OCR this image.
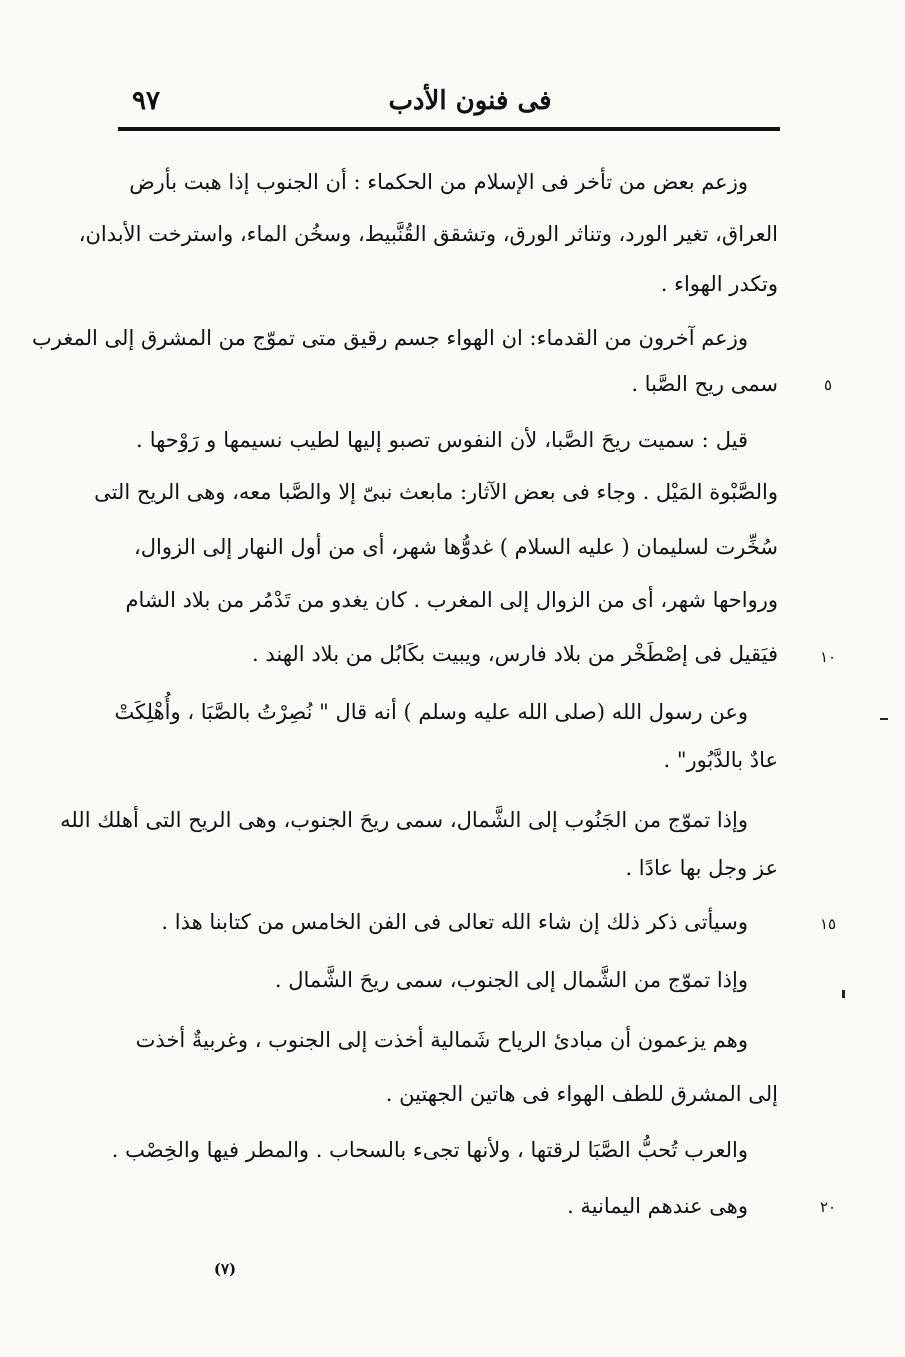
فى فنون الأدب
٩٧
وزعم بعض من تأخر فى الإسلام من الحكماء : أن الجنوب إذا هبت بأرض
العراق، تغير الورد، وتناثر الورق، وتشقق القُنَّبيط، وسخُن الماء، واسترخت الأبدان،
وتكدر الهواء .
وزعم آخرون من القدماء: ان الهواء جسم رقيق متى تموّج من المشرق إلى المغرب
سمى ريح الصَّبا .
قيل : سميت ريحَ الصَّبا، لأن النفوس تصبو إليها لطيب نسيمها و رَوْحها .
والصَّبْوة المَيْل . وجاء فى بعض الآثار: مابعث نبىّ إلا والصَّبا معه، وهى الريح التى
سُخِّرت لسليمان ( عليه السلام ) غدوُّها شهر، أى من أول النهار إلى الزوال،
ورواحها شهر، أى من الزوال إلى المغرب . كان يغدو من تَدْمُر من بلاد الشام
فيَقيل فى إصْطَخْر من بلاد فارس، ويبيت بكَابُل من بلاد الهند .
وعن رسول الله (صلى الله عليه وسلم ) أنه قال " نُصِرْتُ بالصَّبَا ، وأُهْلِكَتْ
عادٌ بالدَّبُور" .
وإذا تموّج من الجَنُوب إلى الشَّمال، سمى ريحَ الجنوب، وهى الريح التى أهلك الله
عز وجل بها عادًا .
وسيأتى ذكر ذلك إن شاء الله تعالى فى الفن الخامس من كتابنا هذا .
وإذا تموّج من الشَّمال إلى الجنوب، سمى ريحَ الشَّمال .
وهم يزعمون أن مبادئ الرياح شَمالية أخذت إلى الجنوب ، وغربيةٌ أخذت
إلى المشرق للطف الهواء فى هاتين الجهتين .
والعرب تُحبُّ الصَّبَا لرقتها ، ولأنها تجىء بالسحاب . والمطر فيها والخِصْب .
وهى عندهم اليمانية .
٥
١٠
١٥
٢٠
(٧)
